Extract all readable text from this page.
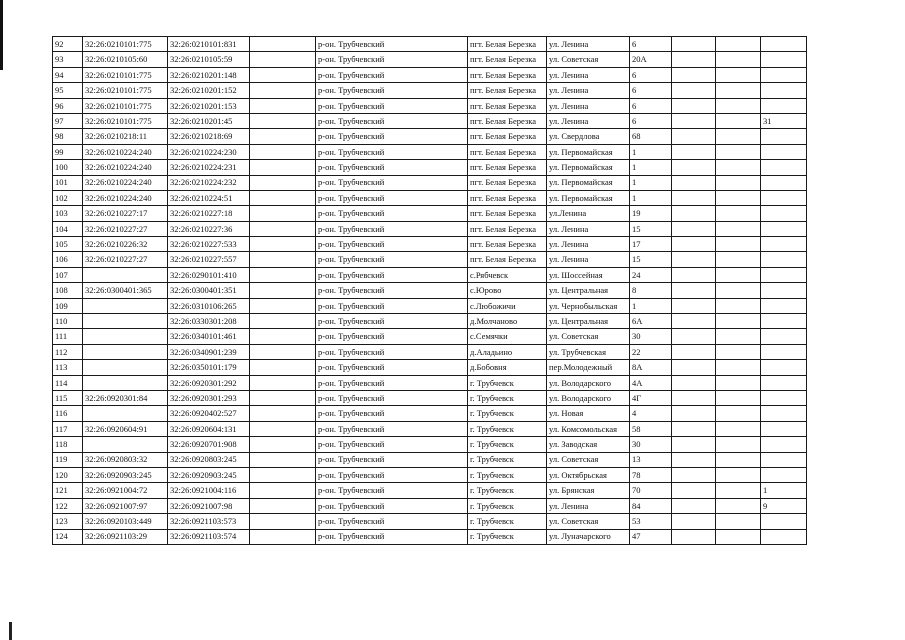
92	32:26:0210101:775	32:26:0210101:831		р-он. Трубчевский	пгт. Белая Березка	ул. Ленина	6			
93	32:26:0210105:60	32:26:0210105:59		р-он. Трубчевский	пгт. Белая Березка	ул. Советская	20А			
94	32:26:0210101:775	32:26:0210201:148		р-он. Трубчевский	пгт. Белая Березка	ул. Ленина	6			
95	32:26:0210101:775	32:26:0210201:152		р-он. Трубчевский	пгт. Белая Березка	ул. Ленина	6			
96	32:26:0210101:775	32:26:0210201:153		р-он. Трубчевский	пгт. Белая Березка	ул. Ленина	6			
97	32:26:0210101:775	32:26:0210201:45		р-он. Трубчевский	пгт. Белая Березка	ул. Ленина	6			31
98	32:26:0210218:11	32:26:0210218:69		р-он. Трубчевский	пгт. Белая Березка	ул. Свердлова	68			
99	32:26:0210224:240	32:26:0210224:230		р-он. Трубчевский	пгт. Белая Березка	ул. Первомайская	1			
100	32:26:0210224:240	32:26:0210224:231		р-он. Трубчевский	пгт. Белая Березка	ул. Первомайская	1			
101	32:26:0210224:240	32:26:0210224:232		р-он. Трубчевский	пгт. Белая Березка	ул. Первомайская	1			
102	32:26:0210224:240	32:26:0210224:51		р-он. Трубчевский	пгт. Белая Березка	ул. Первомайская	1			
103	32:26:0210227:17	32:26:0210227:18		р-он. Трубчевский	пгт. Белая Березка	ул.Ленина	19			
104	32:26:0210227:27	32:26:0210227:36		р-он. Трубчевский	пгт. Белая Березка	ул. Ленина	15			
105	32:26:0210226:32	32:26:0210227:533		р-он. Трубчевский	пгт. Белая Березка	ул. Ленина	17			
106	32:26:0210227:27	32:26:0210227:557		р-он. Трубчевский	пгт. Белая Березка	ул. Ленина	15			
107		32:26:0290101:410		р-он. Трубчевский	с.Рябчевск	ул. Шоссейная	24			
108	32:26:0300401:365	32:26:0300401:351		р-он. Трубчевский	с.Юрово	ул. Центральная	8			
109		32:26:0310106:265		р-он. Трубчевский	с.Любожичи	ул. Чернобыльская	1			
110		32:26:0330301:208		р-он. Трубчевский	д.Молчаново	ул. Центральная	6А			
111		32:26:0340101:461		р-он. Трубчевский	с.Семячки	ул. Советская	30			
112		32:26:0340901:239		р-он. Трубчевский	д.Аладьино	ул. Трубчевская	22			
113		32:26:0350101:179		р-он. Трубчевский	д.Бобовня	пер.Молодежный	8А			
114		32:26:0920301:292		р-он. Трубчевский	г. Трубчевск	ул. Володарского	4А			
115	32:26:0920301:84	32:26:0920301:293		р-он. Трубчевский	г. Трубчевск	ул. Володарского	4Г			
116		32:26:0920402:527		р-он. Трубчевский	г. Трубчевск	ул. Новая	4			
117	32:26:0920604:91	32:26:0920604:131		р-он. Трубчевский	г. Трубчевск	ул. Комсомольская	58			
118		32:26:0920701:908		р-он. Трубчевский	г. Трубчевск	ул. Заводская	30			
119	32:26:0920803:32	32:26:0920803:245		р-он. Трубчевский	г. Трубчевск	ул. Советская	13			
120	32:26:0920903:245	32:26:0920903:245		р-он. Трубчевский	г. Трубчевск	ул. Октябрьская	78			
121	32:26:0921004:72	32:26:0921004:116		р-он. Трубчевский	г. Трубчевск	ул. Брянская	70			1
122	32:26:0921007:97	32:26:0921007:98		р-он. Трубчевский	г. Трубчевск	ул. Ленина	84			9
123	32:26:0920103:449	32:26:0921103:573		р-он. Трубчевский	г. Трубчевск	ул. Советская	53			
124	32:26:0921103:29	32:26:0921103:574		р-он. Трубчевский	г. Трубчевск	ул. Луначарского	47			
